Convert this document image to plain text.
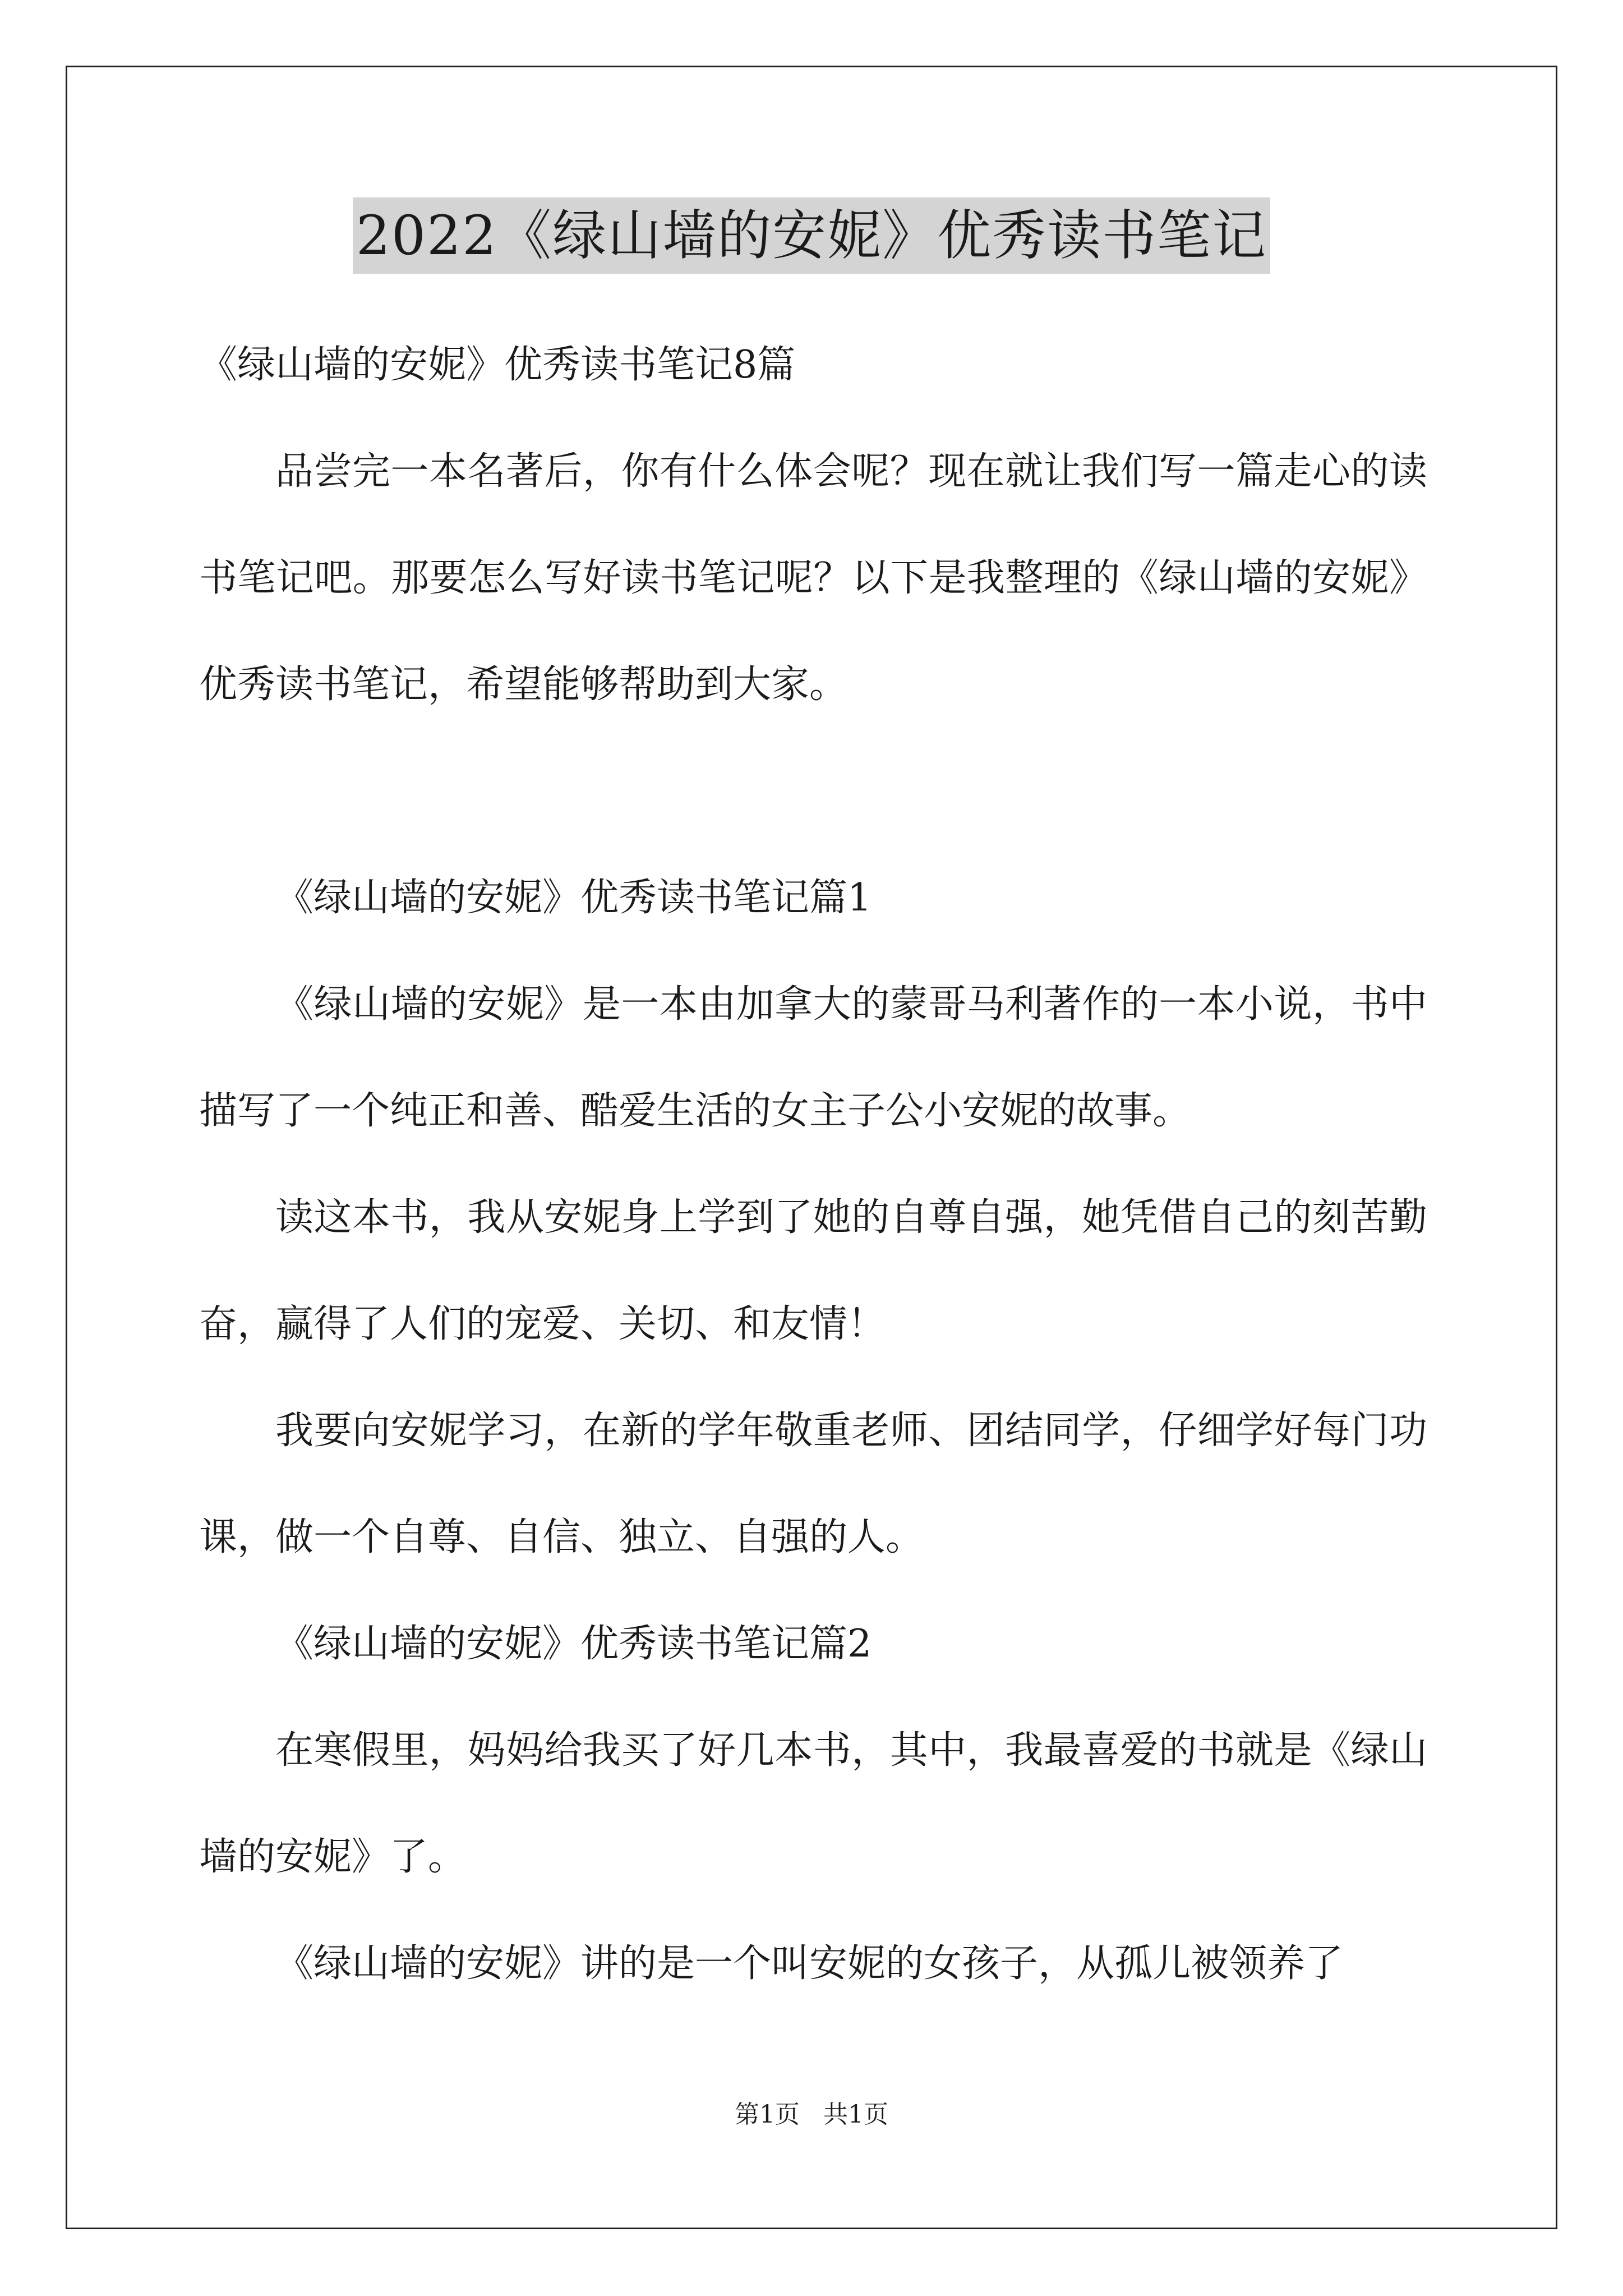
2022《绿山墙的安妮》优秀读书笔记

《绿山墙的安妮》优秀读书笔记8篇

品尝完一本名著后，你有什么体会呢？现在就让我们写一篇走心的读书笔记吧。那要怎么写好读书笔记呢？以下是我整理的《绿山墙的安妮》优秀读书笔记，希望能够帮助到大家。

《绿山墙的安妮》优秀读书笔记篇1

《绿山墙的安妮》是一本由加拿大的蒙哥马利著作的一本小说，书中描写了一个纯正和善、酷爱生活的女主子公小安妮的故事。

读这本书，我从安妮身上学到了她的自尊自强，她凭借自己的刻苦勤奋，赢得了人们的宠爱、关切、和友情！

我要向安妮学习，在新的学年敬重老师、团结同学，仔细学好每门功课，做一个自尊、自信、独立、自强的人。

《绿山墙的安妮》优秀读书笔记篇2

在寒假里，妈妈给我买了好几本书，其中，我最喜爱的书就是《绿山墙的安妮》了。

《绿山墙的安妮》讲的是一个叫安妮的女孩子，从孤儿被领养了

第1页   共1页
